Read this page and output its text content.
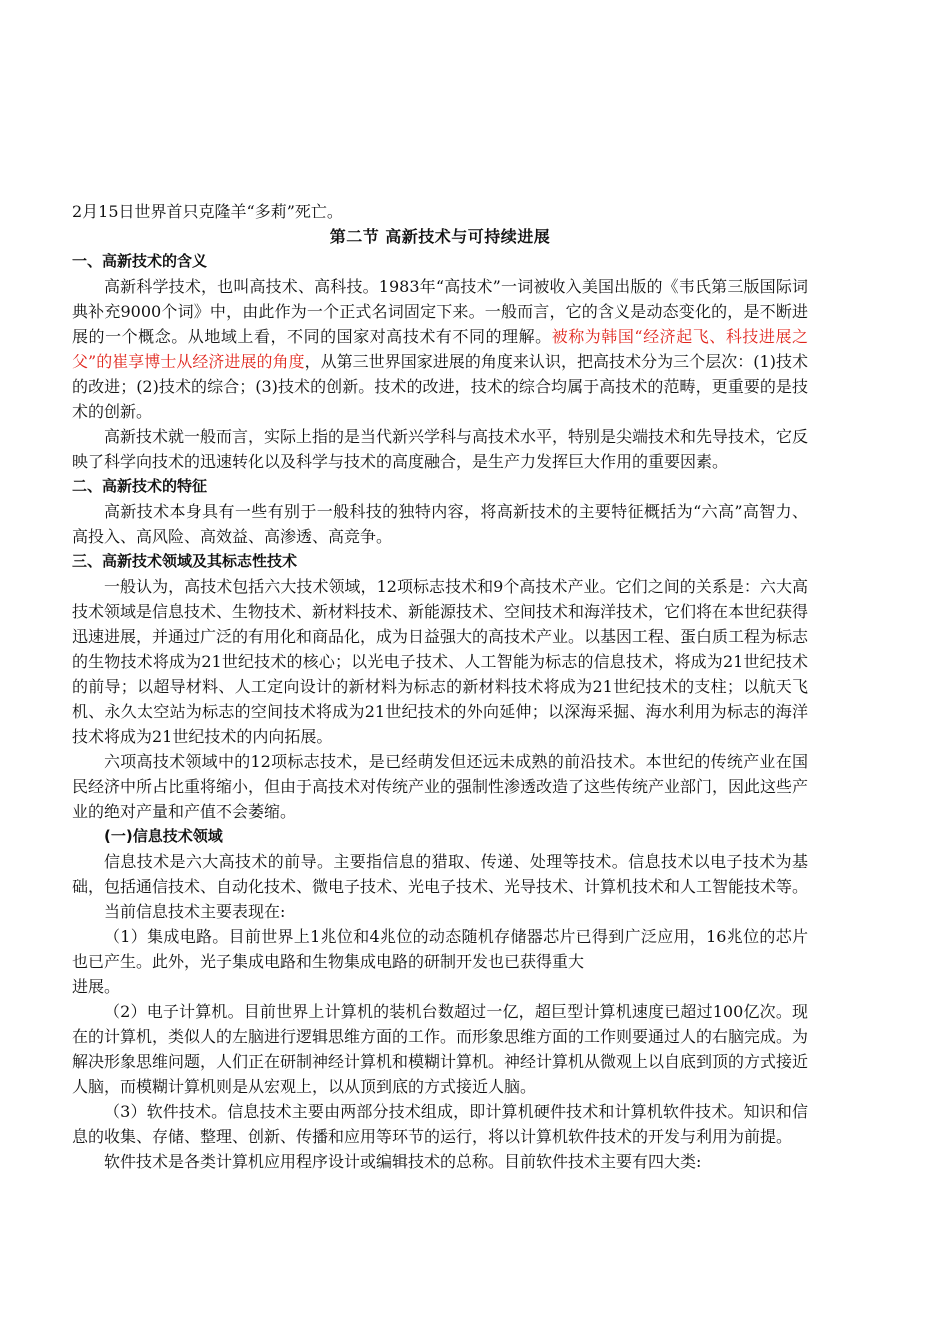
2月15日世界首只克隆羊“多莉”死亡。

第二节 高新技术与可持续进展

一、高新技术的含义

高新科学技术，也叫高技术、高科技。1983年“高技术”一词被收入美国出版的《韦氏第三版国际词典补充9000个词》中，由此作为一个正式名词固定下来。一般而言，它的含义是动态变化的，是不断进展的一个概念。从地域上看，不同的国家对高技术有不同的理解。被称为韩国“经济起飞、科技进展之父”的崔享博士从经济进展的角度，从第三世界国家进展的角度来认识，把高技术分为三个层次：(1)技术的改进；(2)技术的综合；(3)技术的创新。技术的改进，技术的综合均属于高技术的范畴，更重要的是技术的创新。

高新技术就一般而言，实际上指的是当代新兴学科与高技术水平，特别是尖端技术和先导技术，它反映了科学向技术的迅速转化以及科学与技术的高度融合，是生产力发挥巨大作用的重要因素。

二、高新技术的特征

高新技术本身具有一些有别于一般科技的独特内容，将高新技术的主要特征概括为“六高”高智力、高投入、高风险、高效益、高渗透、高竞争。

三、高新技术领域及其标志性技术

一般认为，高技术包括六大技术领域，12项标志技术和9个高技术产业。它们之间的关系是：六大高技术领域是信息技术、生物技术、新材料技术、新能源技术、空间技术和海洋技术，它们将在本世纪获得迅速进展，并通过广泛的有用化和商品化，成为日益强大的高技术产业。以基因工程、蛋白质工程为标志的生物技术将成为21世纪技术的核心；以光电子技术、人工智能为标志的信息技术，将成为21世纪技术的前导；以超导材料、人工定向设计的新材料为标志的新材料技术将成为21世纪技术的支柱；以航天飞机、永久太空站为标志的空间技术将成为21世纪技术的外向延伸；以深海采掘、海水利用为标志的海洋技术将成为21世纪技术的内向拓展。

六项高技术领域中的12项标志技术，是已经萌发但还远未成熟的前沿技术。本世纪的传统产业在国民经济中所占比重将缩小，但由于高技术对传统产业的强制性渗透改造了这些传统产业部门，因此这些产业的绝对产量和产值不会萎缩。

(一)信息技术领域

信息技术是六大高技术的前导。主要指信息的猎取、传递、处理等技术。信息技术以电子技术为基础，包括通信技术、自动化技术、微电子技术、光电子技术、光导技术、计算机技术和人工智能技术等。

当前信息技术主要表现在:

（1）集成电路。目前世界上1兆位和4兆位的动态随机存储器芯片已得到广泛应用，16兆位的芯片也已产生。此外，光子集成电路和生物集成电路的研制开发也已获得重大

进展。

（2）电子计算机。目前世界上计算机的装机台数超过一亿，超巨型计算机速度已超过100亿次。现在的计算机，类似人的左脑进行逻辑思维方面的工作。而形象思维方面的工作则要通过人的右脑完成。为解决形象思维问题，人们正在研制神经计算机和模糊计算机。神经计算机从微观上以自底到顶的方式接近人脑，而模糊计算机则是从宏观上，以从顶到底的方式接近人脑。

（3）软件技术。信息技术主要由两部分技术组成，即计算机硬件技术和计算机软件技术。知识和信息的收集、存储、整理、创新、传播和应用等环节的运行，将以计算机软件技术的开发与利用为前提。

软件技术是各类计算机应用程序设计或编辑技术的总称。目前软件技术主要有四大类:
